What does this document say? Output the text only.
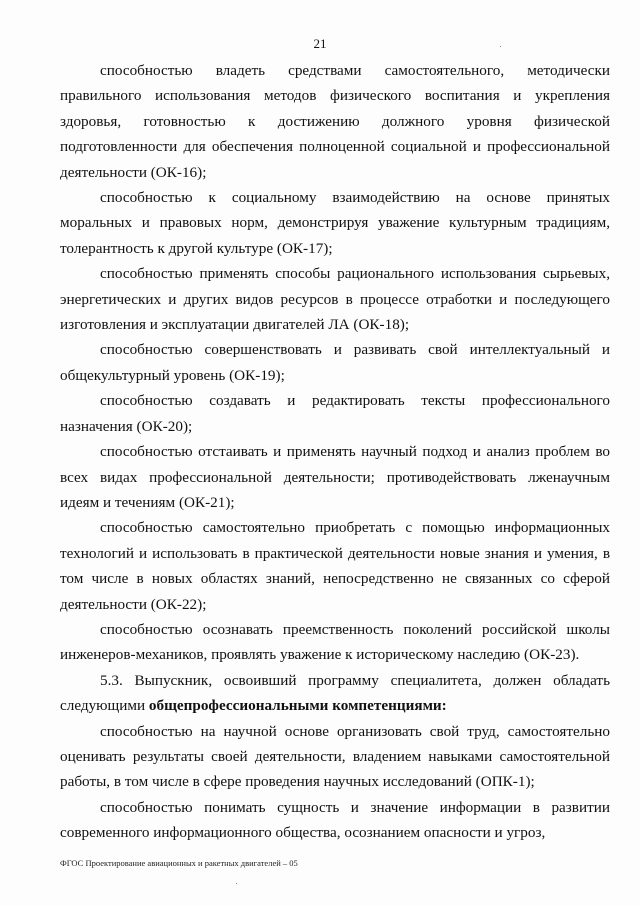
21

способностью владеть средствами самостоятельного, методически правильного использования методов физического воспитания и укрепления здоровья, готовностью к достижению должного уровня физической подготовленности для обеспечения полноценной социальной и профессиональной деятельности (ОК-16);

способностью к социальному взаимодействию на основе принятых моральных и правовых норм, демонстрируя уважение культурным традициям, толерантность к другой культуре (ОК-17);

способностью применять способы рационального использования сырьевых, энергетических и других видов ресурсов в процессе отработки и последующего изготовления и эксплуатации двигателей ЛА (ОК-18);

способностью совершенствовать и развивать свой интеллектуальный и общекультурный уровень (ОК-19);

способностью создавать и редактировать тексты профессионального назначения (ОК-20);

способностью отстаивать и применять научный подход и анализ проблем во всех видах профессиональной деятельности; противодействовать лженаучным идеям и течениям (ОК-21);

способностью самостоятельно приобретать с помощью информационных технологий и использовать в практической деятельности новые знания и умения, в том числе в новых областях знаний, непосредственно не связанных со сферой деятельности (ОК-22);

способностью осознавать преемственность поколений российской школы инженеров-механиков, проявлять уважение к историческому наследию (ОК-23).

5.3. Выпускник, освоивший программу специалитета, должен обладать следующими общепрофессиональными компетенциями:

способностью на научной основе организовать свой труд, самостоятельно оценивать результаты своей деятельности, владением навыками самостоятельной работы, в том числе в сфере проведения научных исследований (ОПК-1);

способностью понимать сущность и значение информации в развитии современного информационного общества, осознанием опасности и угроз,

ФГОС Проектирование авиационных и ракетных двигателей – 05
